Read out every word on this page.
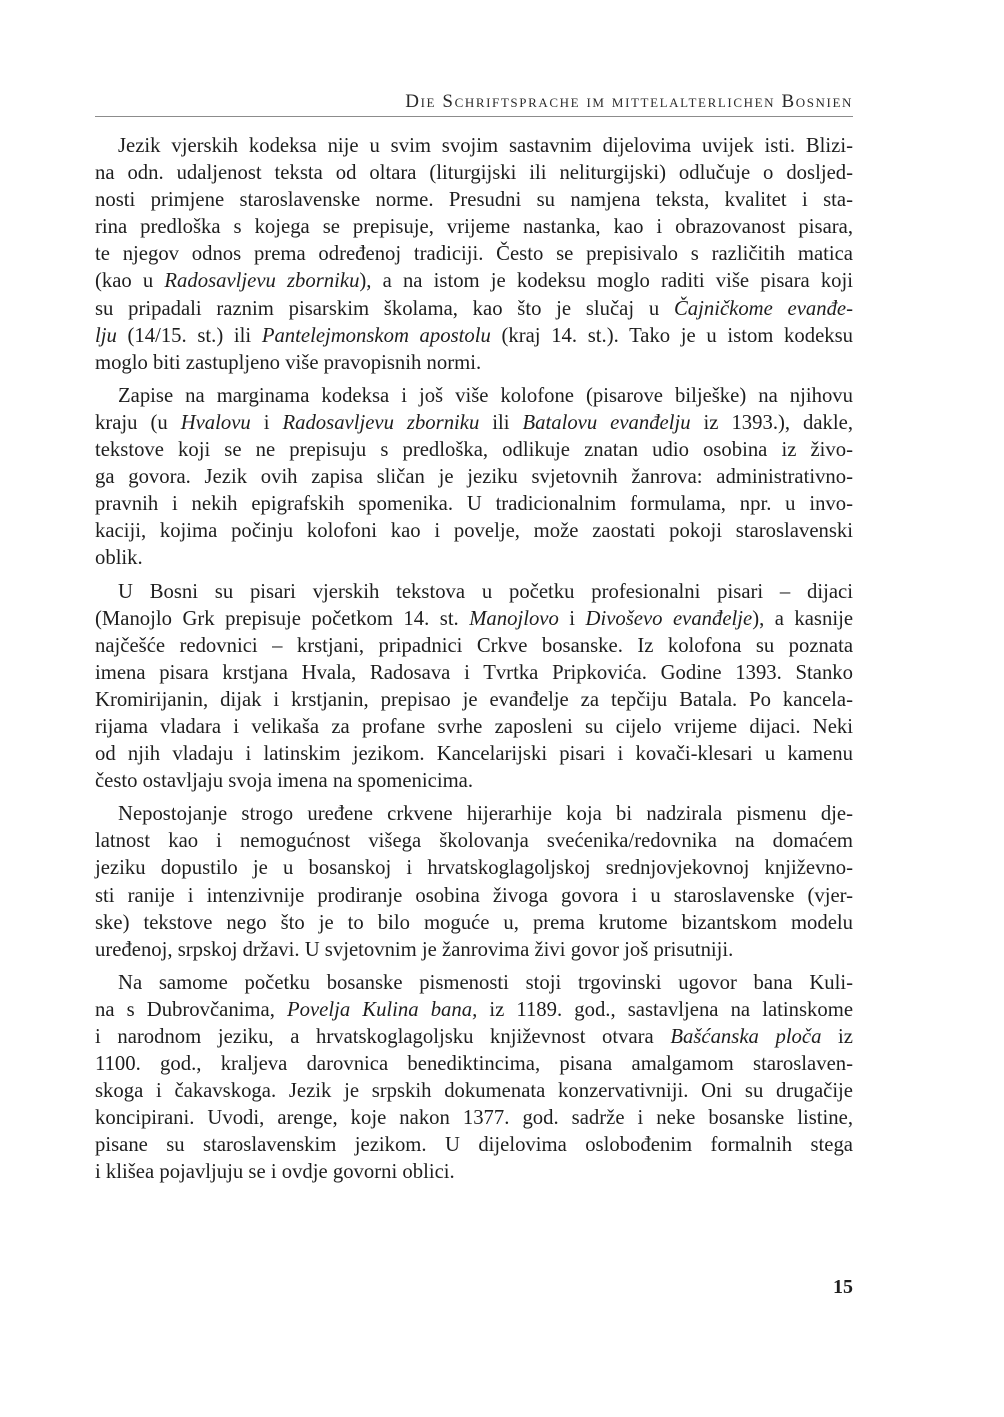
Die Schriftsprache im mittelalterlichen Bosnien

Jezik vjerskih kodeksa nije u svim svojim sastavnim dijelovima uvijek isti. Blizi-
na odn. udaljenost teksta od oltara (liturgijski ili neliturgijski) odlučuje o dosljed-
nosti primjene staroslavenske norme. Presudni su namjena teksta, kvalitet i sta-
rina predloška s kojega se prepisuje, vrijeme nastanka, kao i obrazovanost pisara,
te njegov odnos prema određenoj tradiciji. Često se prepisivalo s različitih matica
(kao u Radosavljevu zborniku), a na istom je kodeksu moglo raditi više pisara koji
su pripadali raznim pisarskim školama, kao što je slučaj u Čajničkome evanđe-
lju (14/15. st.) ili Pantelejmonskom apostolu (kraj 14. st.). Tako je u istom kodeksu
moglo biti zastupljeno više pravopisnih normi.

Zapise na marginama kodeksa i još više kolofone (pisarove bilješke) na njihovu
kraju (u Hvalovu i Radosavljevu zborniku ili Batalovu evanđelju iz 1393.), dakle,
tekstove koji se ne prepisuju s predloška, odlikuje znatan udio osobina iz živo-
ga govora. Jezik ovih zapisa sličan je jeziku svjetovnih žanrova: administrativno-
pravnih i nekih epigrafskih spomenika. U tradicionalnim formulama, npr. u invo-
kaciji, kojima počinju kolofoni kao i povelje, može zaostati pokoji staroslavenski
oblik.

U Bosni su pisari vjerskih tekstova u početku profesionalni pisari – dijaci
(Manojlo Grk prepisuje početkom 14. st. Manojlovo i Divoševo evanđelje), a kasnije
najčešće redovnici – krstjani, pripadnici Crkve bosanske. Iz kolofona su poznata
imena pisara krstjana Hvala, Radosava i Tvrtka Pripkovića. Godine 1393. Stanko
Kromirijanin, dijak i krstjanin, prepisao je evanđelje za tepčiju Batala. Po kancela-
rijama vladara i velikaša za profane svrhe zaposleni su cijelo vrijeme dijaci. Neki
od njih vladaju i latinskim jezikom. Kancelarijski pisari i kovači-klesari u kamenu
često ostavljaju svoja imena na spomenicima.

Nepostojanje strogo uređene crkvene hijerarhije koja bi nadzirala pismenu dje-
latnost kao i nemogućnost višega školovanja svećenika/redovnika na domaćem
jeziku dopustilo je u bosanskoj i hrvatskoglagoljskoj srednjovjekovnoj književno-
sti ranije i intenzivnije prodiranje osobina živoga govora i u staroslavenske (vjer-
ske) tekstove nego što je to bilo moguće u, prema krutome bizantskom modelu
uređenoj, srpskoj državi. U svjetovnim je žanrovima živi govor još prisutniji.

Na samome početku bosanske pismenosti stoji trgovinski ugovor bana Kuli-
na s Dubrovčanima, Povelja Kulina bana, iz 1189. god., sastavljena na latinskome
i narodnom jeziku, a hrvatskoglagoljsku književnost otvara Bašćanska ploča iz
1100. god., kraljeva darovnica benediktincima, pisana amalgamom staroslaven-
skoga i čakavskoga. Jezik je srpskih dokumenata konzervativniji. Oni su drugačije
koncipirani. Uvodi, arenge, koje nakon 1377. god. sadrže i neke bosanske listine,
pisane su staroslavenskim jezikom. U dijelovima oslobođenim formalnih stega
i klišea pojavljuju se i ovdje govorni oblici.

15
